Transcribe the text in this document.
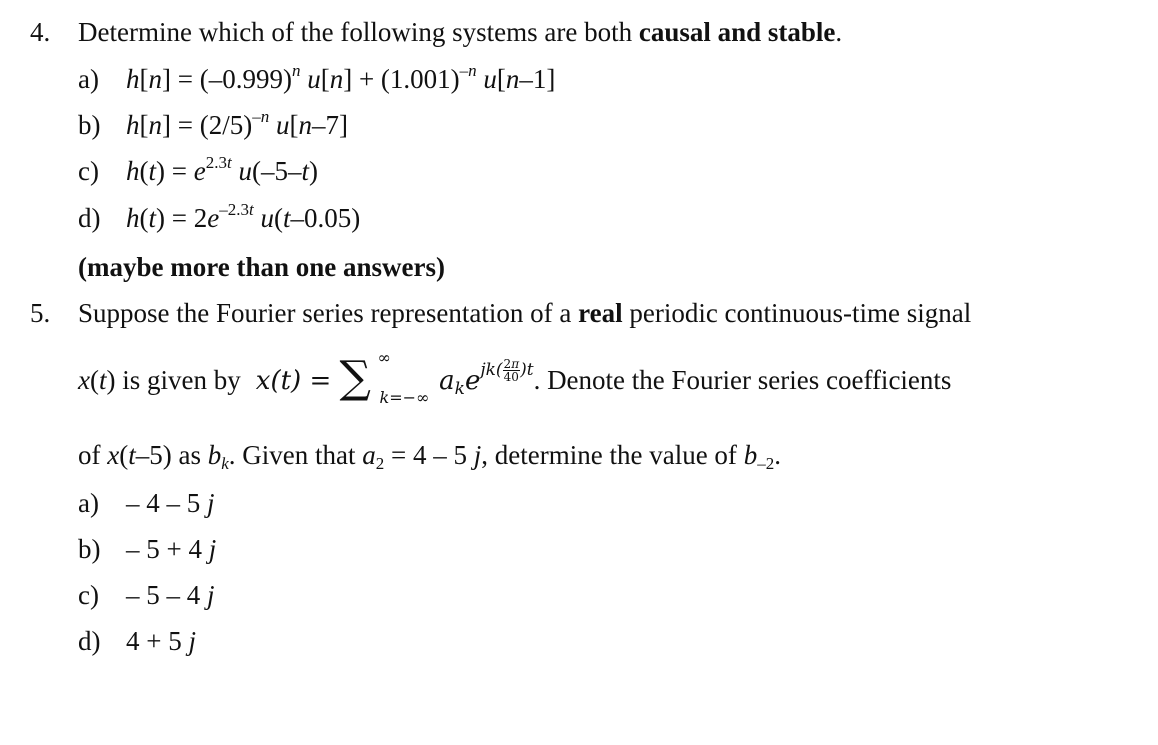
4. Determine which of the following systems are both causal and stable.
a) $h[n] = (-0.999)^n$ $u[n] + (1.001)^{-n}$ u[n–1]
b) $h[n] = (2/5)^{-n}$ u[n–7]
c) $h(t) = e^{2.3t}$ u(–5–t)
d) $h(t) = 2e^{-2.3t}$ u(t–0.05)
(maybe more than one answers)
5. Suppose the Fourier series representation of a real periodic continuous-time signal
x(t) is given by x(t) = ∑ ∞
k=−∞
$a_ke^{jk( \frac{2\pi}{40} )t}$. Denote the Fourier series coefficients
of x(t–5) as $b_k$. Given that $a_2 = 4 - 5$ j, determine the value of $b_{-2}$.
a) – 4 – 5 j
b) – 5 + 4 j
c) – 5 – 4 j
d) 4 + 5 j
